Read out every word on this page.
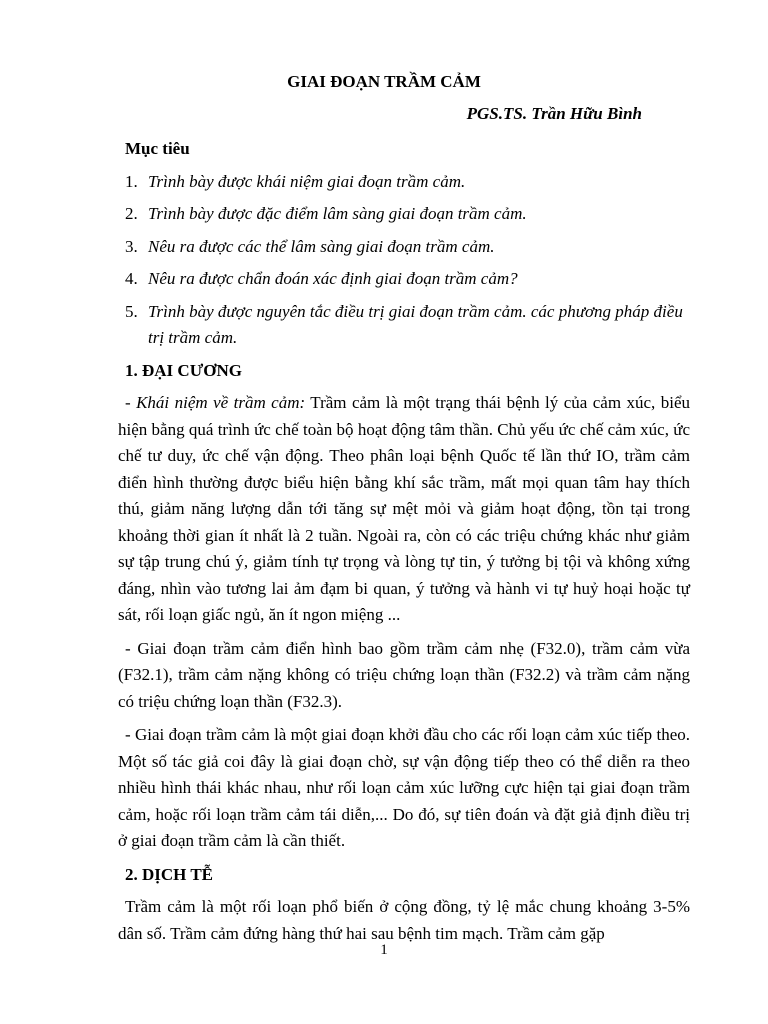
GIAI ĐOẠN TRẦM CẢM

PGS.TS. Trần Hữu Bình

Mục tiêu
1. Trình bày được khái niệm giai đoạn trầm cảm.
2. Trình bày được đặc điểm lâm sàng giai đoạn trầm cảm.
3. Nêu ra được các thể lâm sàng giai đoạn trầm cảm.
4. Nêu ra được chẩn đoán xác định giai đoạn trầm cảm?
5. Trình bày được nguyên tắc điều trị giai đoạn trầm cảm. các phương pháp điều trị trầm cảm.
1. ĐẠI CƯƠNG

- Khái niệm về trầm cảm: Trầm cảm là một trạng thái bệnh lý của cảm xúc, biểu hiện bằng quá trình ức chế toàn bộ hoạt động tâm thần. Chủ yếu ức chế cảm xúc, ức chế tư duy, ức chế vận động. Theo phân loại bệnh Quốc tế lần thứ IO, trầm cảm điển hình thường được biểu hiện bằng khí sắc trầm, mất mọi quan tâm hay thích thú, giảm năng lượng dẫn tới tăng sự mệt mỏi và giảm hoạt động, tồn tại trong khoảng thời gian ít nhất là 2 tuần. Ngoài ra, còn có các triệu chứng khác như giảm sự tập trung chú ý, giảm tính tự trọng và lòng tự tin, ý tưởng bị tội và không xứng đáng, nhìn vào tương lai ảm đạm bi quan, ý tưởng và hành vi tự huỷ hoại hoặc tự sát, rối loạn giấc ngủ, ăn ít ngon miệng ...

- Giai đoạn trầm cảm điển hình bao gồm trầm cảm nhẹ (F32.0), trầm cảm vừa (F32.1), trầm cảm nặng không có triệu chứng loạn thần (F32.2) và trầm cảm nặng có triệu chứng loạn thần (F32.3).

- Giai đoạn trầm cảm là một giai đoạn khởi đầu cho các rối loạn cảm xúc tiếp theo. Một số tác giả coi đây là giai đoạn chờ, sự vận động tiếp theo có thể diễn ra theo nhiều hình thái khác nhau, như rối loạn cảm xúc lưỡng cực hiện tại giai đoạn trầm cảm, hoặc rối loạn trầm cảm tái diễn,... Do đó, sự tiên đoán và đặt giả định điều trị ở giai đoạn trầm cảm là cần thiết.

2. DỊCH TỄ

Trầm cảm là một rối loạn phổ biến ở cộng đồng, tỷ lệ mắc chung khoảng 3-5% dân số. Trầm cảm đứng hàng thứ hai sau bệnh tim mạch. Trầm cảm gặp

1
